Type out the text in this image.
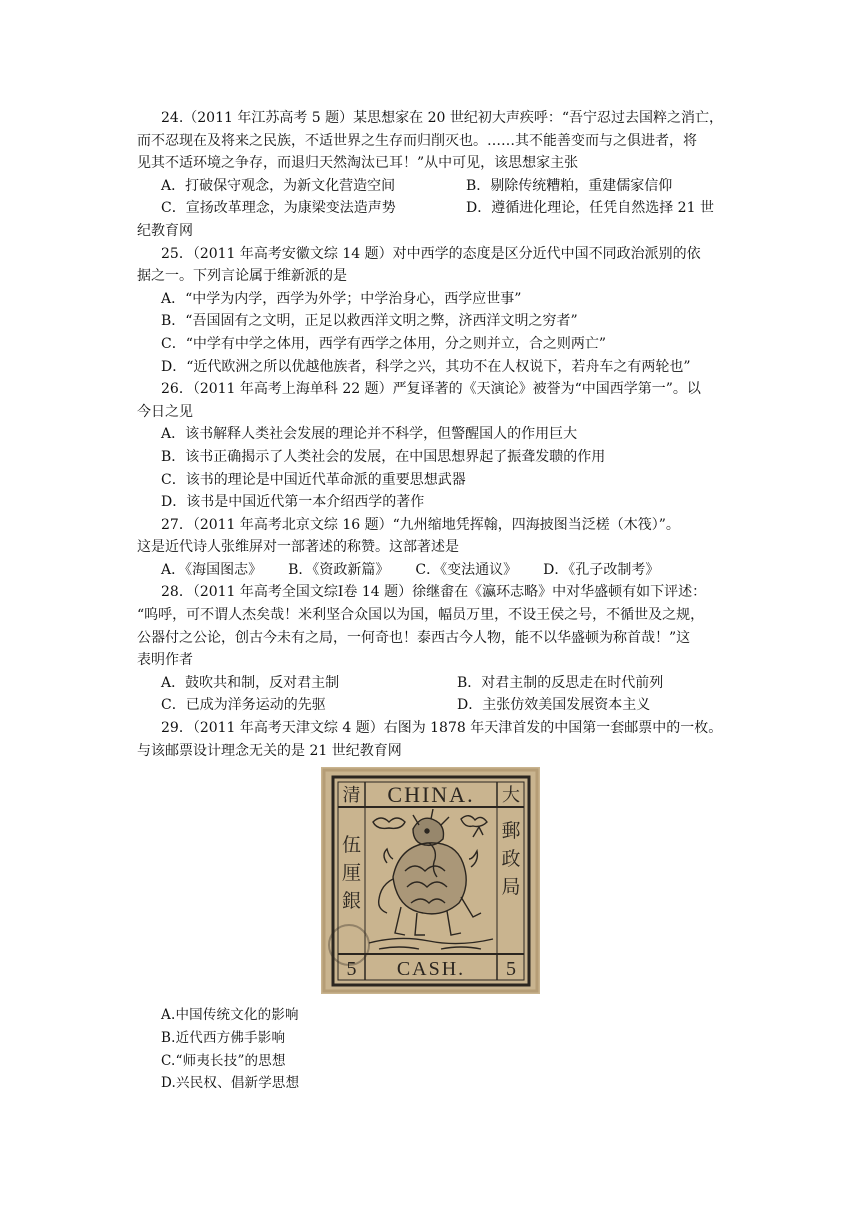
24.（2011 年江苏高考 5 题）某思想家在 20 世纪初大声疾呼：“吾宁忍过去国粹之消亡，

而不忍现在及将来之民族，不适世界之生存而归削灭也。……其不能善变而与之俱进者，将

见其不适环境之争存，而退归天然淘汰已耳！”从中可见，该思想家主张

A．打破保守观念，为新文化营造空间	B．剔除传统糟粕，重建儒家信仰
C．宣扬改革理念，为康梁变法造声势	D．遵循进化理论，任凭自然选择 21 世

纪教育网

25．（2011 年高考安徽文综 14 题）对中西学的态度是区分近代中国不同政治派别的依

据之一。下列言论属于维新派的是

A．“中学为内学，西学为外学；中学治身心，西学应世事”

B．“吾国固有之文明，正足以救西洋文明之弊，济西洋文明之穷者”

C．“中学有中学之体用，西学有西学之体用，分之则并立，合之则两亡”

D．“近代欧洲之所以优越他族者，科学之兴，其功不在人权说下，若舟车之有两轮也”

26．（2011 年高考上海单科 22 题）严复译著的《天演论》被誉为“中国西学第一”。以

今日之见

A．该书解释人类社会发展的理论并不科学，但警醒国人的作用巨大

B．该书正确揭示了人类社会的发展，在中国思想界起了振聋发聩的作用

C．该书的理论是中国近代革命派的重要思想武器

D．该书是中国近代第一本介绍西学的著作

27．（2011 年高考北京文综 16 题）“九州缩地凭挥翰，四海披图当泛槎（木筏）”。

这是近代诗人张维屏对一部著述的称赞。这部著述是

A．《海国图志》 B．《资政新篇》 C．《变法通议》 D．《孔子改制考》

28．（2011 年高考全国文综Ⅰ卷 14 题）徐继畬在《瀛环志略》中对华盛顿有如下评述：

“呜呼，可不谓人杰矣哉！米利坚合众国以为国，幅员万里，不设王侯之号，不循世及之规，

公器付之公论，创古今未有之局，一何奇也！泰西古今人物，能不以华盛顿为称首哉！”这

表明作者

A．鼓吹共和制，反对君主制	B．对君主制的反思走在时代前列
C．已成为洋务运动的先驱	D．主张仿效美国发展资本主义

29．（2011 年高考天津文综 4 题）右图为 1878 年天津首发的中国第一套邮票中的一枚。

与该邮票设计理念无关的是 21 世纪教育网

清	大
CHINA.
CASH.
5	5
伍
厘
銀
郵
政
局

A.中国传统文化的影响

B.近代西方佛手影响

C.“师夷长技”的思想

D.兴民权、倡新学思想
